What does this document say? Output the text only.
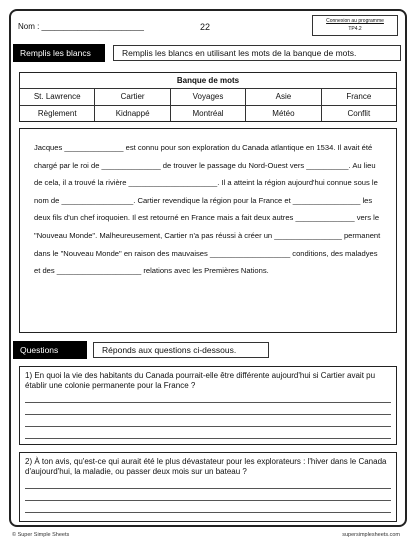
Nom : _______________________	22
Connexion au programme
TP4.2
Remplis les blancs	Remplis les blancs en utilisant les mots de la banque de mots.
Banque de mots
St. Lawrence	Cartier	Voyages	Asie	France
Règlement	Kidnappé	Montréal	Météo	Conflit

Jacques ______________ est connu pour son exploration du Canada atlantique en 1534. Il avait été chargé par le roi de ______________ de trouver le passage du Nord-Ouest vers __________. Au lieu de cela, il a trouvé la rivière _____________________. Il a atteint la région aujourd'hui connue sous le nom de _________________. Cartier revendique la région pour la France et ________________ les deux fils d'un chef iroquoien. Il est retourné en France mais a fait deux autres ______________ vers le "Nouveau Monde". Malheureusement, Cartier n'a pas réussi à créer un ________________ permanent dans le "Nouveau Monde" en raison des mauvaises ___________________ conditions, des maladyes et des ____________________ relations avec les Premières Nations.

Questions	Réponds aux questions ci-dessous.
1) En quoi la vie des habitants du Canada pourrait-elle être différente aujourd'hui si Cartier avait pu établir une colonie permanente pour la France ?
2) À ton avis, qu'est-ce qui aurait été le plus dévastateur pour les explorateurs : l'hiver dans le Canada d'aujourd'hui, la maladie, ou passer deux mois sur un bateau ?
© Super Simple Sheets	supersimplesheets.com
